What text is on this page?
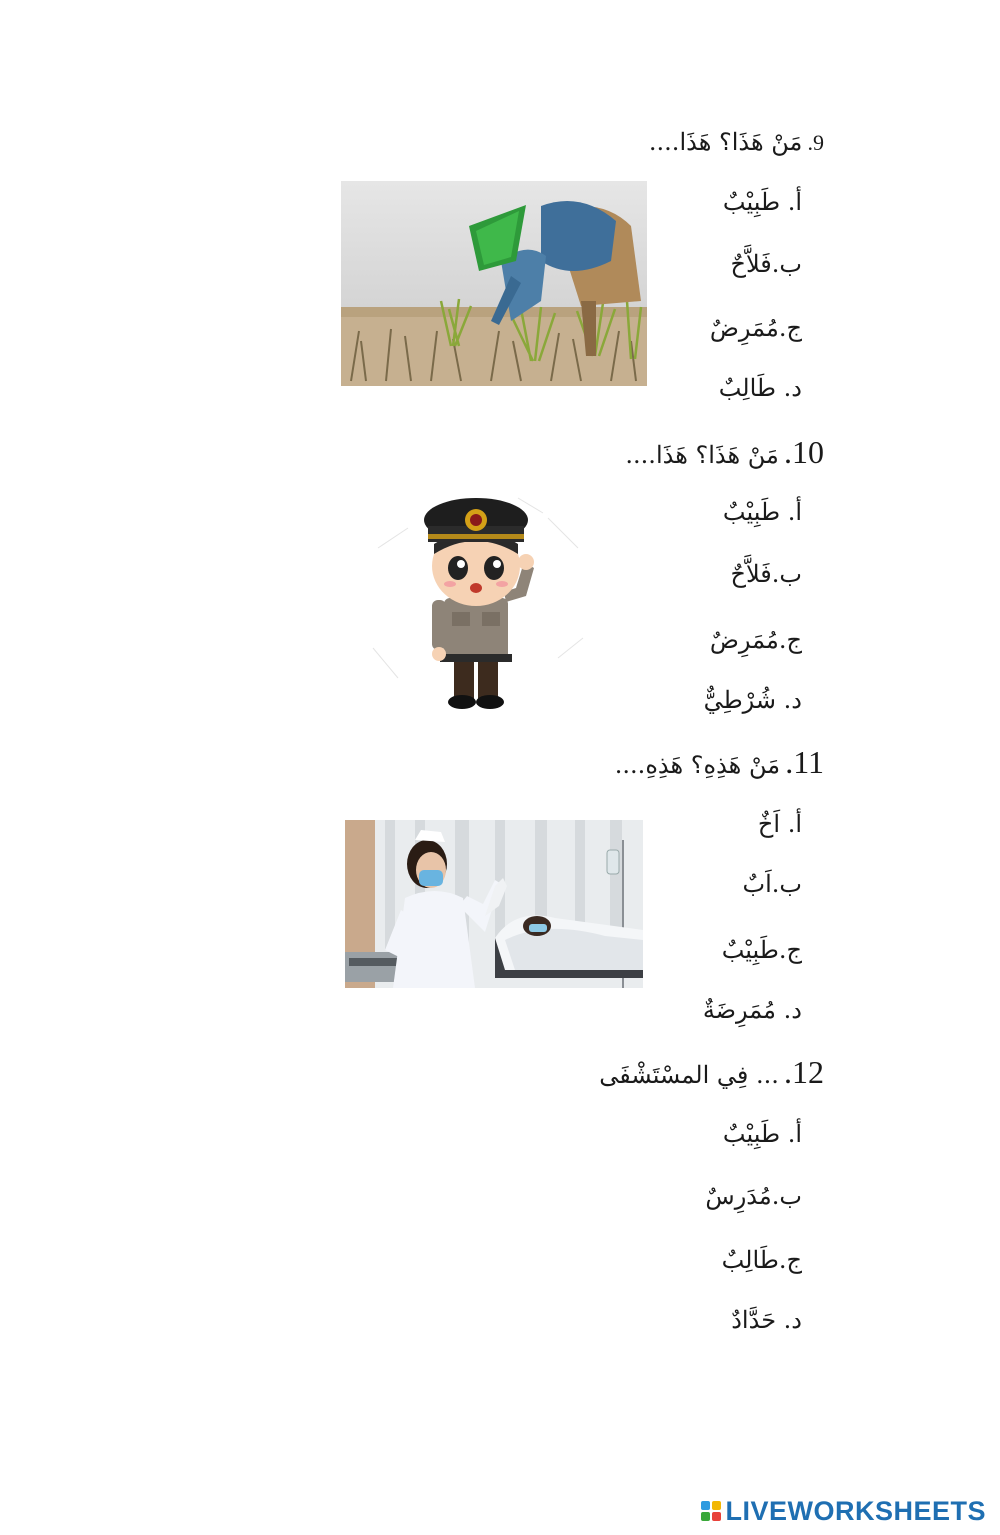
9. مَنْ هَذَا؟ هَذَا....
أ. طَبِيْبٌ
ب.فَلاَّحٌ
ج.مُمَرِضٌ
د. طَالِبٌ
10. مَنْ هَذَا؟ هَذَا....
أ. طَبِيْبٌ
ب.فَلاَّحٌ
ج.مُمَرِضٌ
د. شُرْطِيٌّ
11. مَنْ هَذِهِ؟ هَذِهِ....
أ. اَخٌ
ب.اَبٌ
ج.طَبِيْبٌ
د. مُمَرِضَةٌ
12. ... فِي المسْتَشْفَى
أ. طَبِيْبٌ
ب.مُدَرِسٌ
ج.طَالِبٌ
د. حَدَّادٌ
LIVEWORKSHEETS
